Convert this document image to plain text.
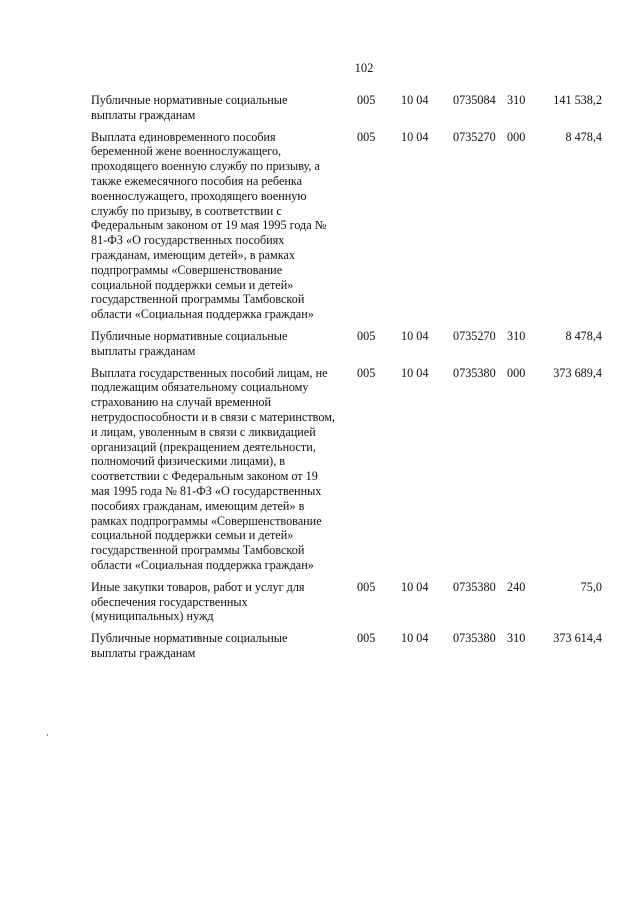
102
Публичные нормативные социальные выплаты гражданам	005	10 04	0735084	310	141 538,2
Выплата единовременного пособия беременной жене военнослужащего, проходящего военную службу по призыву, а также ежемесячного пособия на ребенка военнослужащего, проходящего военную службу по призыву, в соответствии с Федеральным законом от 19 мая 1995 года № 81-ФЗ «О государственных пособиях гражданам, имеющим детей», в рамках подпрограммы «Совершенствование социальной поддержки семьи и детей» государственной программы Тамбовской области «Социальная поддержка граждан»	005	10 04	0735270	000	8 478,4
Публичные нормативные социальные выплаты гражданам	005	10 04	0735270	310	8 478,4
Выплата государственных пособий лицам, не подлежащим обязательному социальному страхованию на случай временной нетрудоспособности и в связи с материнством, и лицам, уволенным в связи с ликвидацией организаций (прекращением деятельности, полномочий физическими лицами), в соответствии с Федеральным законом от 19 мая 1995 года № 81-ФЗ «О государственных пособиях гражданам, имеющим детей» в рамках подпрограммы «Совершенствование социальной поддержки семьи и детей» государственной программы Тамбовской области «Социальная поддержка граждан»	005	10 04	0735380	000	373 689,4
Иные закупки товаров, работ и услуг для обеспечения государственных (муниципальных) нужд	005	10 04	0735380	240	75,0
Публичные нормативные социальные выплаты гражданам	005	10 04	0735380	310	373 614,4
